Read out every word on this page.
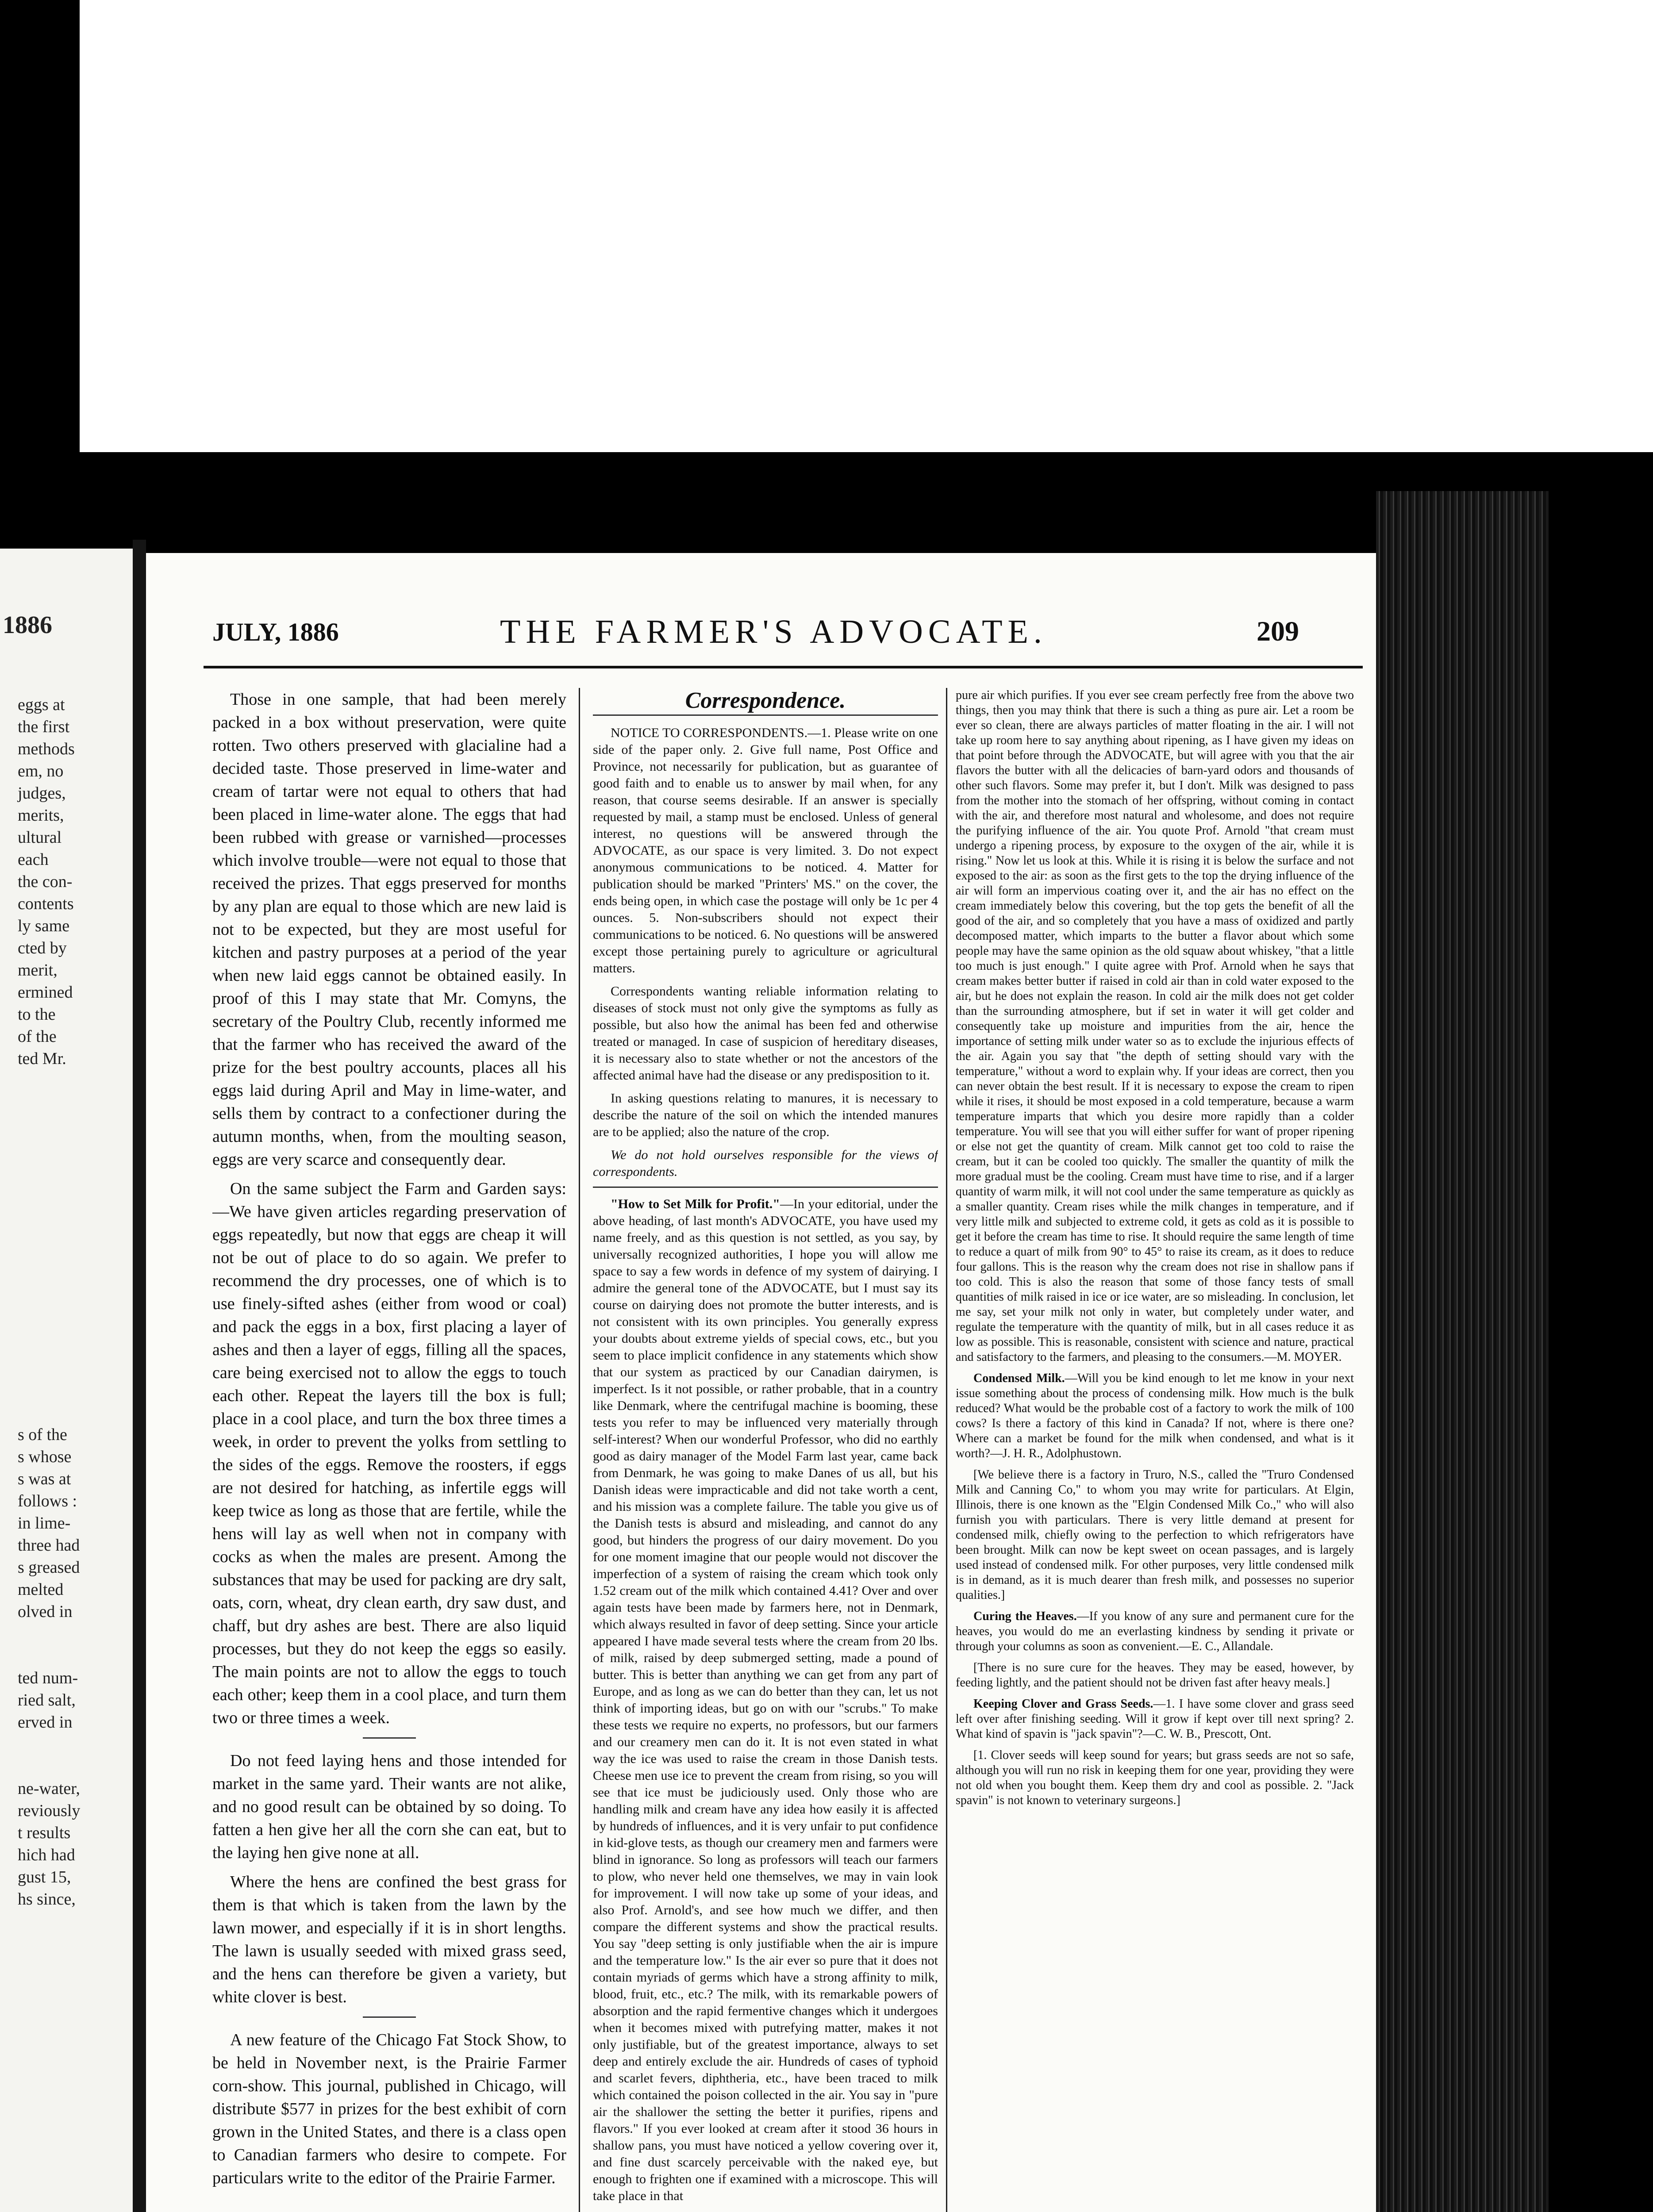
1886
eggs at
the first
methods
em, no
judges,
merits,
ultural
each
the con-
contents
ly same
cted by
merit,
ermined
to the
of the
ted Mr.
s of the
s whose
s was at
follows :
in lime-
three had
s greased
melted
olved in
ted num-
ried salt,
erved in
ne-water,
reviously
t results
hich had
gust 15,
hs since,
JULY, 1886	THE FARMER'S ADVOCATE.	209

Those in one sample, that had been merely packed in a box without preservation, were quite rotten. Two others preserved with glacialine had a decided taste. Those preserved in lime-water and cream of tartar were not equal to others that had been placed in lime-water alone. The eggs that had been rubbed with grease or varnished—processes which involve trouble—were not equal to those that received the prizes. That eggs preserved for months by any plan are equal to those which are new laid is not to be expected, but they are most useful for kitchen and pastry purposes at a period of the year when new laid eggs cannot be obtained easily. In proof of this I may state that Mr. Comyns, the secretary of the Poultry Club, recently informed me that the farmer who has received the award of the prize for the best poultry accounts, places all his eggs laid during April and May in lime-water, and sells them by contract to a confectioner during the autumn months, when, from the moulting season, eggs are very scarce and consequently dear.

On the same subject the Farm and Garden says:—We have given articles regarding preservation of eggs repeatedly, but now that eggs are cheap it will not be out of place to do so again. We prefer to recommend the dry processes, one of which is to use finely-sifted ashes (either from wood or coal) and pack the eggs in a box, first placing a layer of ashes and then a layer of eggs, filling all the spaces, care being exercised not to allow the eggs to touch each other. Repeat the layers till the box is full; place in a cool place, and turn the box three times a week, in order to prevent the yolks from settling to the sides of the eggs. Remove the roosters, if eggs are not desired for hatching, as infertile eggs will keep twice as long as those that are fertile, while the hens will lay as well when not in company with cocks as when the males are present. Among the substances that may be used for packing are dry salt, oats, corn, wheat, dry clean earth, dry saw dust, and chaff, but dry ashes are best. There are also liquid processes, but they do not keep the eggs so easily. The main points are not to allow the eggs to touch each other; keep them in a cool place, and turn them two or three times a week.

Do not feed laying hens and those intended for market in the same yard. Their wants are not alike, and no good result can be obtained by so doing. To fatten a hen give her all the corn she can eat, but to the laying hen give none at all.

Where the hens are confined the best grass for them is that which is taken from the lawn by the lawn mower, and especially if it is in short lengths. The lawn is usually seeded with mixed grass seed, and the hens can therefore be given a variety, but white clover is best.

A new feature of the Chicago Fat Stock Show, to be held in November next, is the Prairie Farmer corn-show. This journal, published in Chicago, will distribute $577 in prizes for the best exhibit of corn grown in the United States, and there is a class open to Canadian farmers who desire to compete. For particulars write to the editor of the Prairie Farmer.

Correspondence.

NOTICE TO CORRESPONDENTS.—1. Please write on one side of the paper only. 2. Give full name, Post Office and Province, not necessarily for publication, but as guarantee of good faith and to enable us to answer by mail when, for any reason, that course seems desirable. If an answer is specially requested by mail, a stamp must be enclosed. Unless of general interest, no questions will be answered through the ADVOCATE, as our space is very limited. 3. Do not expect anonymous communications to be noticed. 4. Matter for publication should be marked "Printers' MS." on the cover, the ends being open, in which case the postage will only be 1c per 4 ounces. 5. Non-subscribers should not expect their communications to be noticed. 6. No questions will be answered except those pertaining purely to agriculture or agricultural matters.

Correspondents wanting reliable information relating to diseases of stock must not only give the symptoms as fully as possible, but also how the animal has been fed and otherwise treated or managed. In case of suspicion of hereditary diseases, it is necessary also to state whether or not the ancestors of the affected animal have had the disease or any predisposition to it.

In asking questions relating to manures, it is necessary to describe the nature of the soil on which the intended manures are to be applied; also the nature of the crop.

We do not hold ourselves responsible for the views of correspondents.

"How to Set Milk for Profit."—In your editorial, under the above heading, of last month's ADVOCATE, you have used my name freely, and as this question is not settled, as you say, by universally recognized authorities, I hope you will allow me space to say a few words in defence of my system of dairying. I admire the general tone of the ADVOCATE, but I must say its course on dairying does not promote the butter interests, and is not consistent with its own principles. You generally express your doubts about extreme yields of special cows, etc., but you seem to place implicit confidence in any statements which show that our system as practiced by our Canadian dairymen, is imperfect. Is it not possible, or rather probable, that in a country like Denmark, where the centrifugal machine is booming, these tests you refer to may be influenced very materially through self-interest? When our wonderful Professor, who did no earthly good as dairy manager of the Model Farm last year, came back from Denmark, he was going to make Danes of us all, but his Danish ideas were impracticable and did not take worth a cent, and his mission was a complete failure. The table you give us of the Danish tests is absurd and misleading, and cannot do any good, but hinders the progress of our dairy movement. Do you for one moment imagine that our people would not discover the imperfection of a system of raising the cream which took only 1.52 cream out of the milk which contained 4.41? Over and over again tests have been made by farmers here, not in Denmark, which always resulted in favor of deep setting. Since your article appeared I have made several tests where the cream from 20 lbs. of milk, raised by deep submerged setting, made a pound of butter. This is better than anything we can get from any part of Europe, and as long as we can do better than they can, let us not think of importing ideas, but go on with our "scrubs." To make these tests we require no experts, no professors, but our farmers and our creamery men can do it. It is not even stated in what way the ice was used to raise the cream in those Danish tests. Cheese men use ice to prevent the cream from rising, so you will see that ice must be judiciously used. Only those who are handling milk and cream have any idea how easily it is affected by hundreds of influences, and it is very unfair to put confidence in kid-glove tests, as though our creamery men and farmers were blind in ignorance. So long as professors will teach our farmers to plow, who never held one themselves, we may in vain look for improvement. I will now take up some of your ideas, and also Prof. Arnold's, and see how much we differ, and then compare the different systems and show the practical results. You say "deep setting is only justifiable when the air is impure and the temperature low." Is the air ever so pure that it does not contain myriads of germs which have a strong affinity to milk, blood, fruit, etc., etc.? The milk, with its remarkable powers of absorption and the rapid fermentive changes which it undergoes when it becomes mixed with putrefying matter, makes it not only justifiable, but of the greatest importance, always to set deep and entirely exclude the air. Hundreds of cases of typhoid and scarlet fevers, diphtheria, etc., have been traced to milk which contained the poison collected in the air. You say in "pure air the shallower the setting the better it purifies, ripens and flavors." If you ever looked at cream after it stood 36 hours in shallow pans, you must have noticed a yellow covering over it, and fine dust scarcely perceivable with the naked eye, but enough to frighten one if examined with a microscope. This will take place in that

pure air which purifies. If you ever see cream perfectly free from the above two things, then you may think that there is such a thing as pure air. Let a room be ever so clean, there are always particles of matter floating in the air. I will not take up room here to say anything about ripening, as I have given my ideas on that point before through the ADVOCATE, but will agree with you that the air flavors the butter with all the delicacies of barn-yard odors and thousands of other such flavors. Some may prefer it, but I don't. Milk was designed to pass from the mother into the stomach of her offspring, without coming in contact with the air, and therefore most natural and wholesome, and does not require the purifying influence of the air. You quote Prof. Arnold "that cream must undergo a ripening process, by exposure to the oxygen of the air, while it is rising." Now let us look at this. While it is rising it is below the surface and not exposed to the air: as soon as the first gets to the top the drying influence of the air will form an impervious coating over it, and the air has no effect on the cream immediately below this covering, but the top gets the benefit of all the good of the air, and so completely that you have a mass of oxidized and partly decomposed matter, which imparts to the butter a flavor about which some people may have the same opinion as the old squaw about whiskey, "that a little too much is just enough." I quite agree with Prof. Arnold when he says that cream makes better butter if raised in cold air than in cold water exposed to the air, but he does not explain the reason. In cold air the milk does not get colder than the surrounding atmosphere, but if set in water it will get colder and consequently take up moisture and impurities from the air, hence the importance of setting milk under water so as to exclude the injurious effects of the air. Again you say that "the depth of setting should vary with the temperature," without a word to explain why. If your ideas are correct, then you can never obtain the best result. If it is necessary to expose the cream to ripen while it rises, it should be most exposed in a cold temperature, because a warm temperature imparts that which you desire more rapidly than a colder temperature. You will see that you will either suffer for want of proper ripening or else not get the quantity of cream. Milk cannot get too cold to raise the cream, but it can be cooled too quickly. The smaller the quantity of milk the more gradual must be the cooling. Cream must have time to rise, and if a larger quantity of warm milk, it will not cool under the same temperature as quickly as a smaller quantity. Cream rises while the milk changes in temperature, and if very little milk and subjected to extreme cold, it gets as cold as it is possible to get it before the cream has time to rise. It should require the same length of time to reduce a quart of milk from 90° to 45° to raise its cream, as it does to reduce four gallons. This is the reason why the cream does not rise in shallow pans if too cold. This is also the reason that some of those fancy tests of small quantities of milk raised in ice or ice water, are so misleading. In conclusion, let me say, set your milk not only in water, but completely under water, and regulate the temperature with the quantity of milk, but in all cases reduce it as low as possible. This is reasonable, consistent with science and nature, practical and satisfactory to the farmers, and pleasing to the consumers.—M. MOYER.

Condensed Milk.—Will you be kind enough to let me know in your next issue something about the process of condensing milk. How much is the bulk reduced? What would be the probable cost of a factory to work the milk of 100 cows? Is there a factory of this kind in Canada? If not, where is there one? Where can a market be found for the milk when condensed, and what is it worth?—J. H. R., Adolphustown.

[We believe there is a factory in Truro, N.S., called the "Truro Condensed Milk and Canning Co," to whom you may write for particulars. At Elgin, Illinois, there is one known as the "Elgin Condensed Milk Co.," who will also furnish you with particulars. There is very little demand at present for condensed milk, chiefly owing to the perfection to which refrigerators have been brought. Milk can now be kept sweet on ocean passages, and is largely used instead of condensed milk. For other purposes, very little condensed milk is in demand, as it is much dearer than fresh milk, and possesses no superior qualities.]

Curing the Heaves.—If you know of any sure and permanent cure for the heaves, you would do me an everlasting kindness by sending it private or through your columns as soon as convenient.—E. C., Allandale.

[There is no sure cure for the heaves. They may be eased, however, by feeding lightly, and the patient should not be driven fast after heavy meals.]

Keeping Clover and Grass Seeds.—1. I have some clover and grass seed left over after finishing seeding. Will it grow if kept over till next spring? 2. What kind of spavin is "jack spavin"?—C. W. B., Prescott, Ont.

[1. Clover seeds will keep sound for years; but grass seeds are not so safe, although you will run no risk in keeping them for one year, providing they were not old when you bought them. Keep them dry and cool as possible. 2. "Jack spavin" is not known to veterinary surgeons.]
